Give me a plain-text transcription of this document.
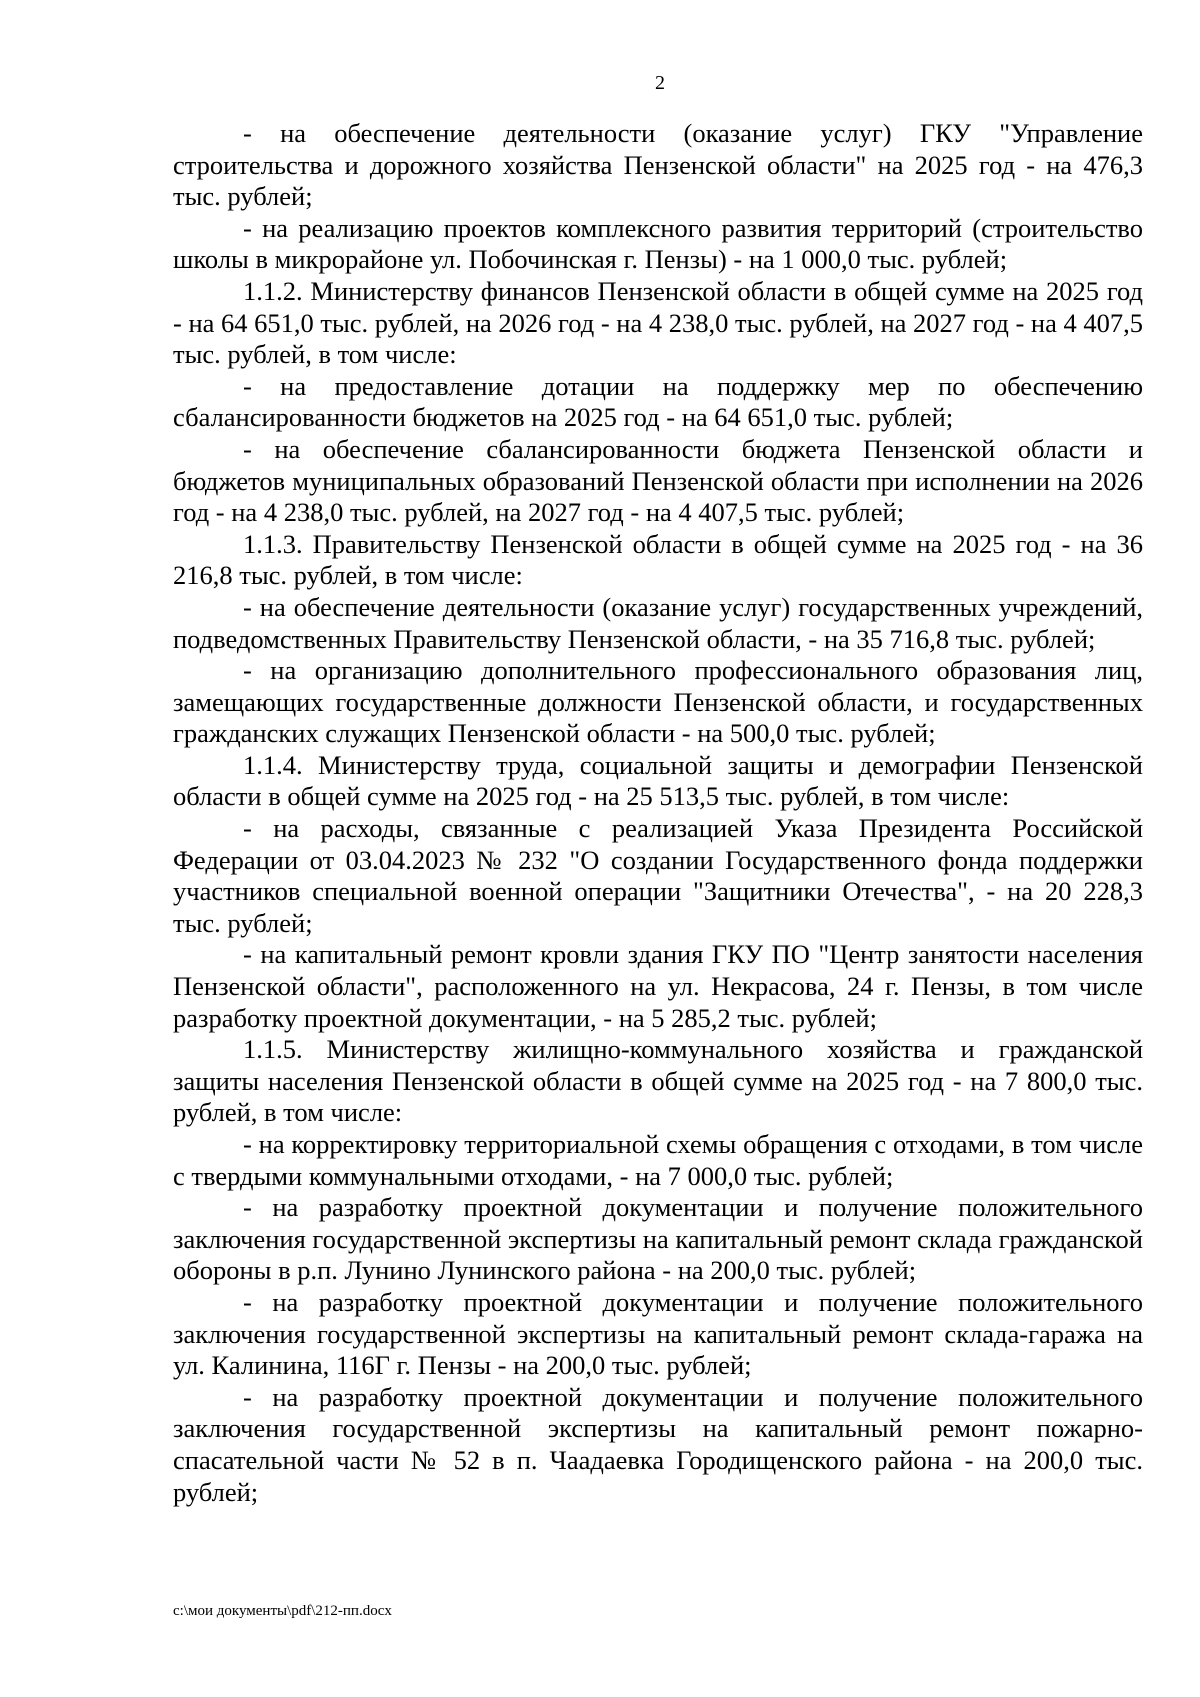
2

- на обеспечение деятельности (оказание услуг) ГКУ "Управление строительства и дорожного хозяйства Пензенской области" на 2025 год - на 476,3 тыс. рублей;

- на реализацию проектов комплексного развития территорий (строительство школы в микрорайоне ул. Побочинская г. Пензы) - на 1 000,0 тыс. рублей;

1.1.2. Министерству финансов Пензенской области в общей сумме на 2025 год - на 64 651,0 тыс. рублей, на 2026 год - на 4 238,0 тыс. рублей, на 2027 год - на 4 407,5 тыс. рублей, в том числе:

- на предоставление дотации на поддержку мер по обеспечению сбалансированности бюджетов на 2025 год - на 64 651,0 тыс. рублей;

- на обеспечение сбалансированности бюджета Пензенской области и бюджетов муниципальных образований Пензенской области при исполнении на 2026 год - на 4 238,0 тыс. рублей, на 2027 год - на 4 407,5 тыс. рублей;

1.1.3. Правительству Пензенской области в общей сумме на 2025 год - на 36 216,8 тыс. рублей, в том числе:

- на обеспечение деятельности (оказание услуг) государственных учреждений, подведомственных Правительству Пензенской области, - на 35 716,8 тыс. рублей;

- на организацию дополнительного профессионального образования лиц, замещающих государственные должности Пензенской области, и государственных гражданских служащих Пензенской области - на 500,0 тыс. рублей;

1.1.4. Министерству труда, социальной защиты и демографии Пензенской области в общей сумме на 2025 год - на 25 513,5 тыс. рублей, в том числе:

- на расходы, связанные с реализацией Указа Президента Российской Федерации от 03.04.2023 № 232 "О создании Государственного фонда поддержки участников специальной военной операции "Защитники Отечества", - на 20 228,3 тыс. рублей;

- на капитальный ремонт кровли здания ГКУ ПО "Центр занятости населения Пензенской области", расположенного на ул. Некрасова, 24 г. Пензы, в том числе разработку проектной документации, - на 5 285,2 тыс. рублей;

1.1.5. Министерству жилищно-коммунального хозяйства и гражданской защиты населения Пензенской области в общей сумме на 2025 год - на 7 800,0 тыс. рублей, в том числе:

- на корректировку территориальной схемы обращения с отходами, в том числе с твердыми коммунальными отходами, - на 7 000,0 тыс. рублей;

- на разработку проектной документации и получение положительного заключения государственной экспертизы на капитальный ремонт склада гражданской обороны в р.п. Лунино Лунинского района - на 200,0 тыс. рублей;

- на разработку проектной документации и получение положительного заключения государственной экспертизы на капитальный ремонт склада-гаража на ул. Калинина, 116Г г. Пензы - на 200,0 тыс. рублей;

- на разработку проектной документации и получение положительного заключения государственной экспертизы на капитальный ремонт пожарно-спасательной части № 52 в п. Чаадаевка Городищенского района - на 200,0 тыс. рублей;

c:\мои документы\pdf\212-пп.docx
